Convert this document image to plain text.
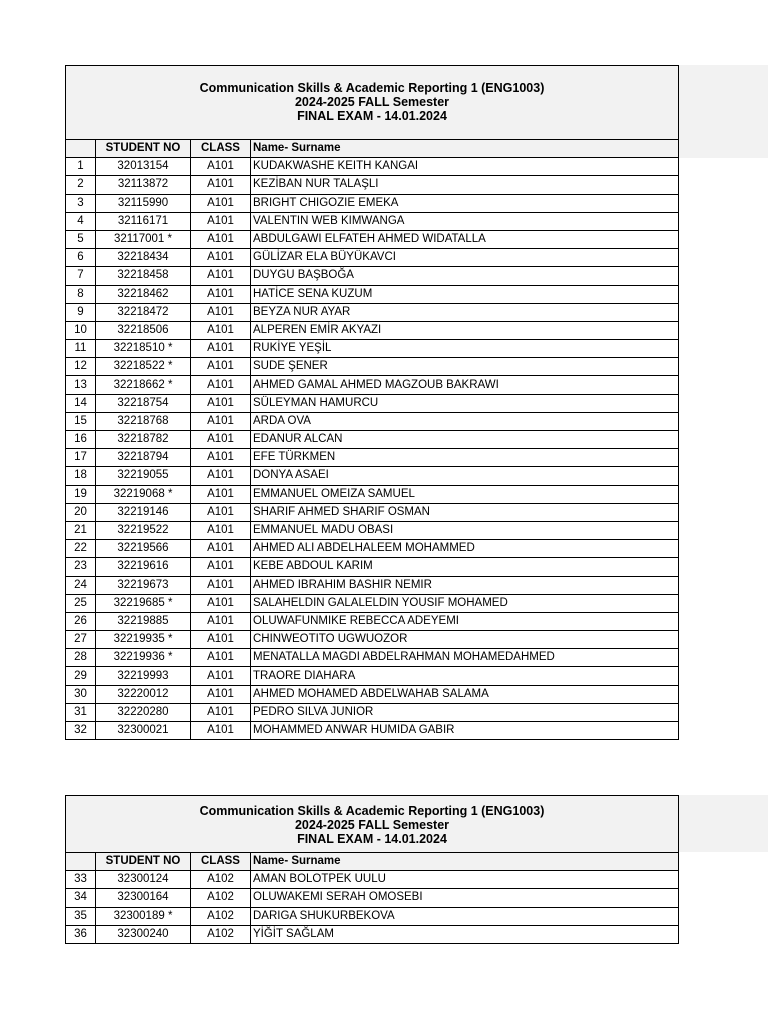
Communication Skills & Academic Reporting 1 (ENG1003)
2024-2025 FALL Semester
FINAL EXAM - 14.01.2024
	STUDENT NO	CLASS	Name- Surname
1	32013154	A101	KUDAKWASHE KEITH KANGAI
2	32113872	A101	KEZİBAN NUR TALAŞLI
3	32115990	A101	BRIGHT CHIGOZIE EMEKA
4	32116171	A101	VALENTIN WEB KIMWANGA
5	32117001 *	A101	ABDULGAWI ELFATEH AHMED WIDATALLA
6	32218434	A101	GÜLİZAR ELA BÜYÜKAVCI
7	32218458	A101	DUYGU BAŞBOĞA
8	32218462	A101	HATİCE SENA KUZUM
9	32218472	A101	BEYZA NUR AYAR
10	32218506	A101	ALPEREN EMİR AKYAZI
11	32218510 *	A101	RUKİYE YEŞİL
12	32218522 *	A101	SUDE ŞENER
13	32218662 *	A101	AHMED GAMAL AHMED MAGZOUB BAKRAWI
14	32218754	A101	SÜLEYMAN HAMURCU
15	32218768	A101	ARDA OVA
16	32218782	A101	EDANUR ALCAN
17	32218794	A101	EFE TÜRKMEN
18	32219055	A101	DONYA ASAEI
19	32219068 *	A101	EMMANUEL OMEIZA SAMUEL
20	32219146	A101	SHARIF AHMED SHARIF OSMAN
21	32219522	A101	EMMANUEL MADU OBASI
22	32219566	A101	AHMED ALI ABDELHALEEM MOHAMMED
23	32219616	A101	KEBE ABDOUL KARIM
24	32219673	A101	AHMED IBRAHIM BASHIR NEMIR
25	32219685 *	A101	SALAHELDIN GALALELDIN YOUSIF MOHAMED
26	32219885	A101	OLUWAFUNMIKE REBECCA ADEYEMI
27	32219935 *	A101	CHINWEOTITO UGWUOZOR
28	32219936 *	A101	MENATALLA MAGDI ABDELRAHMAN MOHAMEDAHMED
29	32219993	A101	TRAORE DIAHARA
30	32220012	A101	AHMED MOHAMED ABDELWAHAB SALAMA
31	32220280	A101	PEDRO SILVA JUNIOR
32	32300021	A101	MOHAMMED ANWAR HUMIDA GABIR
Communication Skills & Academic Reporting 1 (ENG1003)
2024-2025 FALL Semester
FINAL EXAM - 14.01.2024
	STUDENT NO	CLASS	Name- Surname
33	32300124	A102	AMAN BOLOTPEK UULU
34	32300164	A102	OLUWAKEMI SERAH OMOSEBI
35	32300189 *	A102	DARIGA SHUKURBEKOVA
36	32300240	A102	YİĞİT SAĞLAM
